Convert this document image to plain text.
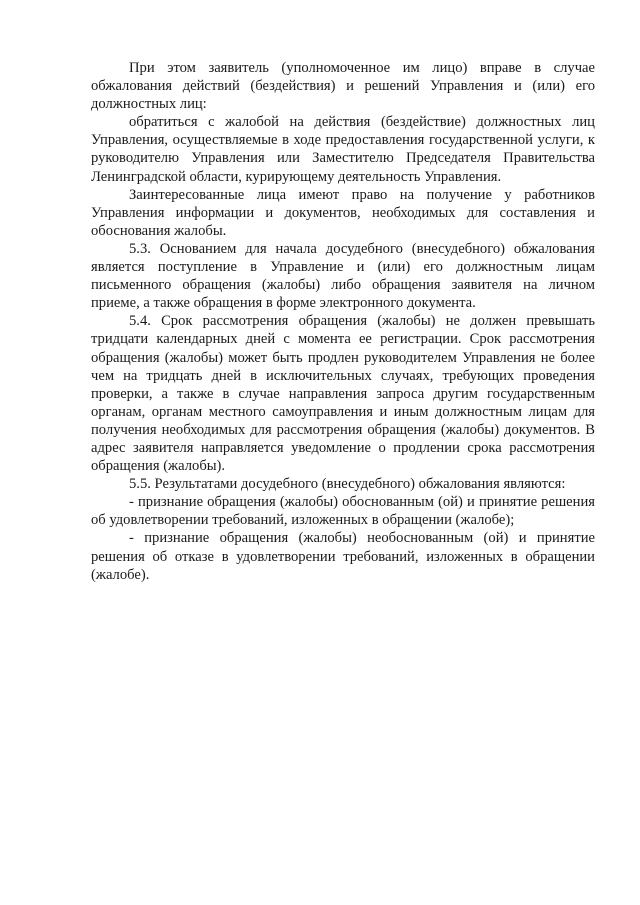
При этом заявитель (уполномоченное им лицо) вправе в случае обжалования действий (бездействия) и решений Управления и (или) его должностных лиц:

обратиться с жалобой на действия (бездействие) должностных лиц Управления, осуществляемые в ходе предоставления государственной услуги, к руководителю Управления или Заместителю Председателя Правительства Ленинградской области, курирующему деятельность Управления.

Заинтересованные лица имеют право на получение у работников Управления информации и документов, необходимых для составления и обоснования жалобы.

5.3. Основанием для начала досудебного (внесудебного) обжалования является поступление в Управление и (или) его должностным лицам письменного обращения (жалобы) либо обращения заявителя на личном приеме, а также обращения в форме электронного документа.

5.4. Срок рассмотрения обращения (жалобы) не должен превышать тридцати календарных дней с момента ее регистрации. Срок рассмотрения обращения (жалобы) может быть продлен руководителем Управления не более чем на тридцать дней в исключительных случаях, требующих проведения проверки, а также в случае направления запроса другим государственным органам, органам местного самоуправления и иным должностным лицам для получения необходимых для рассмотрения обращения (жалобы) документов. В адрес заявителя направляется уведомление о продлении срока рассмотрения обращения (жалобы).

5.5. Результатами досудебного (внесудебного) обжалования являются:

- признание обращения (жалобы) обоснованным (ой) и принятие решения об удовлетворении требований, изложенных в обращении (жалобе);

- признание обращения (жалобы) необоснованным (ой) и принятие решения об отказе в удовлетворении требований, изложенных в обращении (жалобе).
